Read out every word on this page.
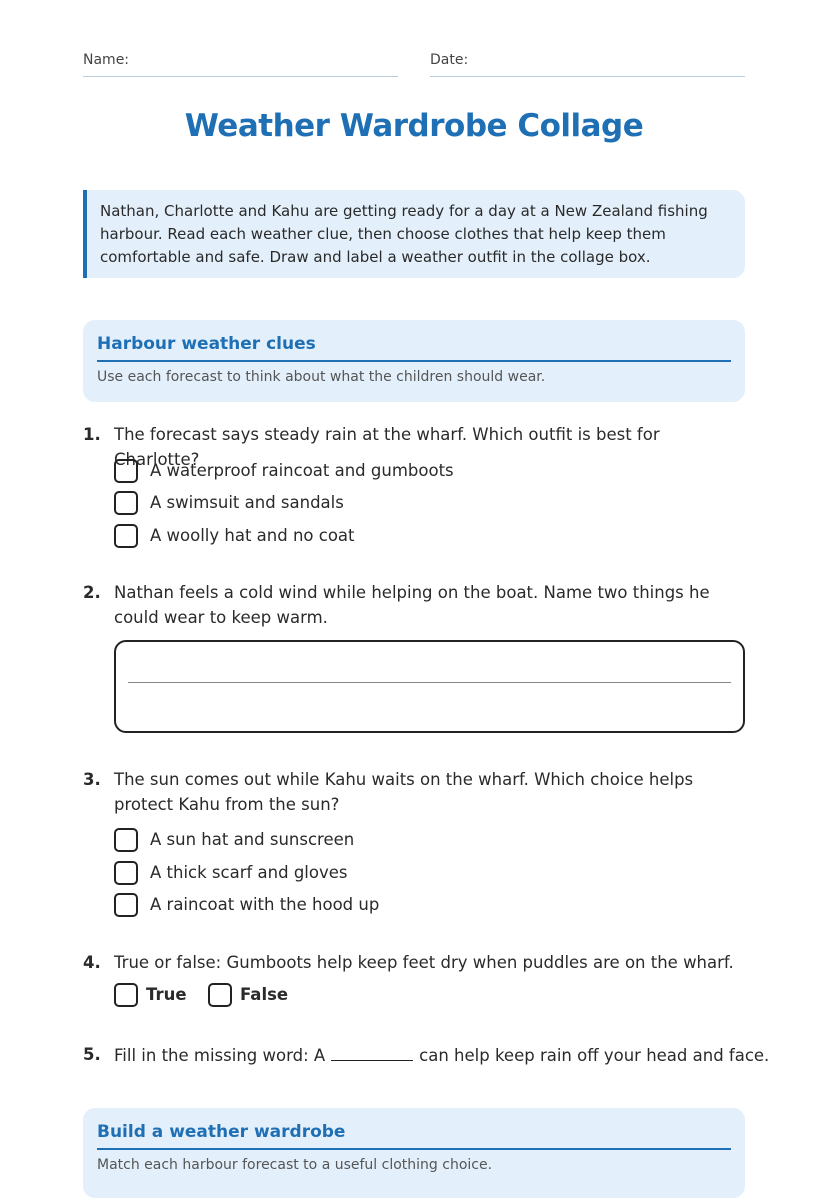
Name:	Date:
Weather Wardrobe Collage
Nathan, Charlotte and Kahu are getting ready for a day at a New Zealand fishing harbour. Read each weather clue, then choose clothes that help keep them comfortable and safe. Draw and label a weather outfit in the collage box.
Harbour weather clues
Use each forecast to think about what the children should wear.
1. The forecast says steady rain at the wharf. Which outfit is best for Charlotte?
A waterproof raincoat and gumboots
A swimsuit and sandals
A woolly hat and no coat
2. Nathan feels a cold wind while helping on the boat. Name two things he could wear to keep warm.
3. The sun comes out while Kahu waits on the wharf. Which choice helps protect Kahu from the sun?
A sun hat and sunscreen
A thick scarf and gloves
A raincoat with the hood up
4. True or false: Gumboots help keep feet dry when puddles are on the wharf.
True	False
5. Fill in the missing word: A	can help keep rain off your head and face.
Build a weather wardrobe
Match each harbour forecast to a useful clothing choice.
